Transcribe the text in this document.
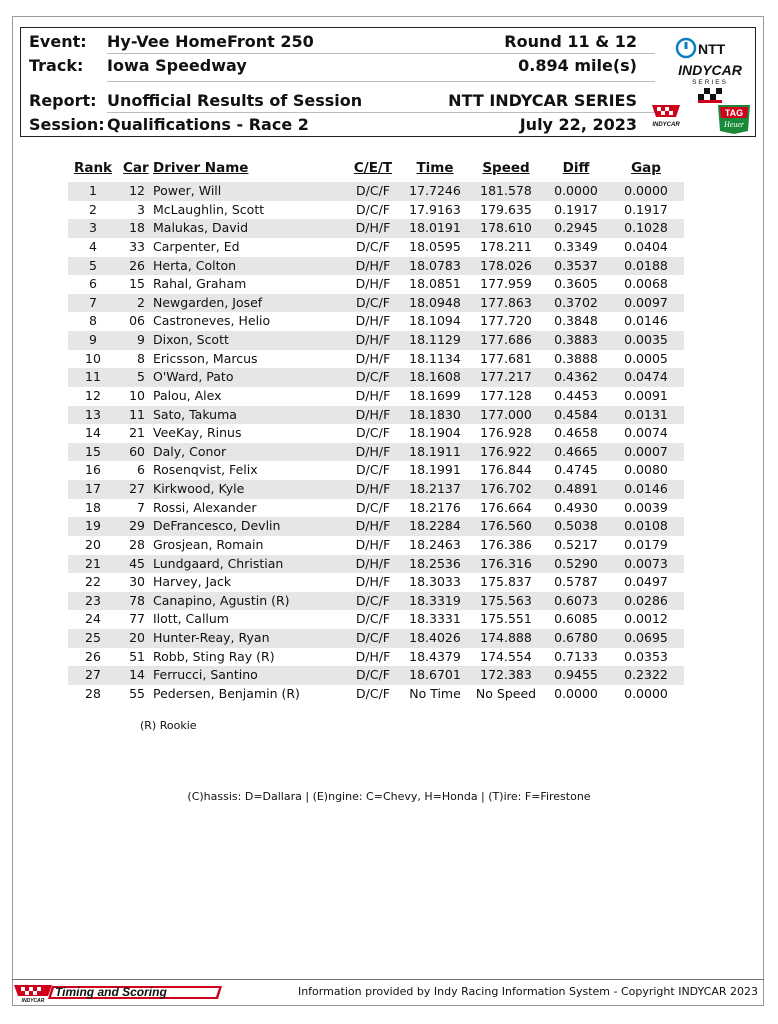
Event: Hy-Vee HomeFront 250	Round 11 & 12
Track: Iowa Speedway	0.894 mile(s)
Report: Unofficial Results of Session	NTT INDYCAR SERIES
Session: Qualifications - Race 2	July 22, 2023
NTT
INDYCAR
SERIES
INDYCAR
TAG
Heuer
Rank Car Driver Name	C/E/T	Time	Speed	Diff	Gap
1	12 Power, Will	D/C/F	17.7246	181.578	0.0000	0.0000
2	3 McLaughlin, Scott	D/C/F	17.9163	179.635	0.1917	0.1917
3	18 Malukas, David	D/H/F	18.0191	178.610	0.2945	0.1028
4	33 Carpenter, Ed	D/C/F	18.0595	178.211	0.3349	0.0404
5	26 Herta, Colton	D/H/F	18.0783	178.026	0.3537	0.0188
6	15 Rahal, Graham	D/H/F	18.0851	177.959	0.3605	0.0068
7	2 Newgarden, Josef	D/C/F	18.0948	177.863	0.3702	0.0097
8	06 Castroneves, Helio	D/H/F	18.1094	177.720	0.3848	0.0146
9	9 Dixon, Scott	D/H/F	18.1129	177.686	0.3883	0.0035
10	8 Ericsson, Marcus	D/H/F	18.1134	177.681	0.3888	0.0005
11	5 O'Ward, Pato	D/C/F	18.1608	177.217	0.4362	0.0474
12	10 Palou, Alex	D/H/F	18.1699	177.128	0.4453	0.0091
13	11 Sato, Takuma	D/H/F	18.1830	177.000	0.4584	0.0131
14	21 VeeKay, Rinus	D/C/F	18.1904	176.928	0.4658	0.0074
15	60 Daly, Conor	D/H/F	18.1911	176.922	0.4665	0.0007
16	6 Rosenqvist, Felix	D/C/F	18.1991	176.844	0.4745	0.0080
17	27 Kirkwood, Kyle	D/H/F	18.2137	176.702	0.4891	0.0146
18	7 Rossi, Alexander	D/C/F	18.2176	176.664	0.4930	0.0039
19	29 DeFrancesco, Devlin	D/H/F	18.2284	176.560	0.5038	0.0108
20	28 Grosjean, Romain	D/H/F	18.2463	176.386	0.5217	0.0179
21	45 Lundgaard, Christian	D/H/F	18.2536	176.316	0.5290	0.0073
22	30 Harvey, Jack	D/H/F	18.3033	175.837	0.5787	0.0497
23	78 Canapino, Agustin (R)	D/C/F	18.3319	175.563	0.6073	0.0286
24	77 Ilott, Callum	D/C/F	18.3331	175.551	0.6085	0.0012
25	20 Hunter-Reay, Ryan	D/C/F	18.4026	174.888	0.6780	0.0695
26	51 Robb, Sting Ray (R)	D/H/F	18.4379	174.554	0.7133	0.0353
27	14 Ferrucci, Santino	D/C/F	18.6701	172.383	0.9455	0.2322
28	55 Pedersen, Benjamin (R)	D/C/F	No Time	No Speed	0.0000	0.0000
(R) Rookie
(C)hassis: D=Dallara | (E)ngine: C=Chevy, H=Honda | (T)ire: F=Firestone
INDYCAR
Timing and Scoring	Information provided by Indy Racing Information System - Copyright INDYCAR 2023
